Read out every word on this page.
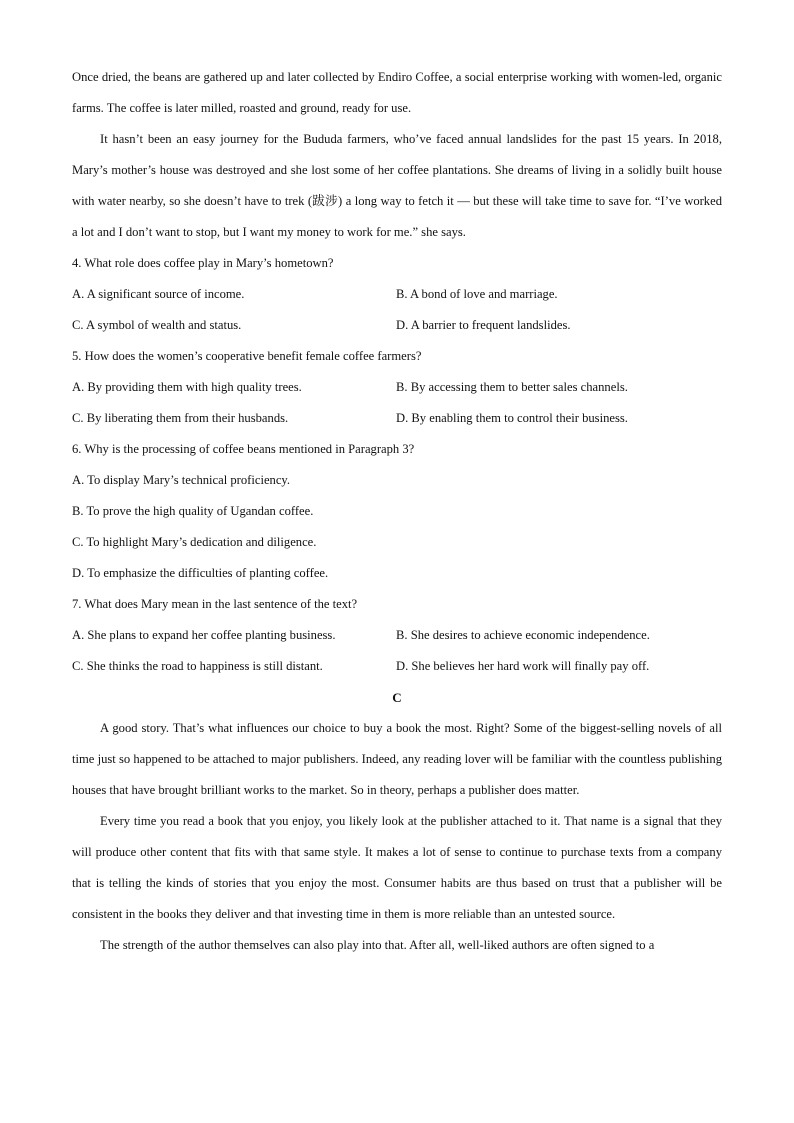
Once dried, the beans are gathered up and later collected by Endiro Coffee, a social enterprise working with women-led, organic farms. The coffee is later milled, roasted and ground, ready for use.
It hasn’t been an easy journey for the Bududa farmers, who’ve faced annual landslides for the past 15 years. In 2018, Mary’s mother’s house was destroyed and she lost some of her coffee plantations. She dreams of living in a solidly built house with water nearby, so she doesn’t have to trek (跋涉) a long way to fetch it — but these will take time to save for. “I’ve worked a lot and I don’t want to stop, but I want my money to work for me.” she says.
4. What role does coffee play in Mary’s hometown?
A. A significant source of income.	B. A bond of love and marriage.
C. A symbol of wealth and status.	D. A barrier to frequent landslides.
5. How does the women’s cooperative benefit female coffee farmers?
A. By providing them with high quality trees.	B. By accessing them to better sales channels.
C. By liberating them from their husbands.	D. By enabling them to control their business.
6. Why is the processing of coffee beans mentioned in Paragraph 3?
A. To display Mary’s technical proficiency.
B. To prove the high quality of Ugandan coffee.
C. To highlight Mary’s dedication and diligence.
D. To emphasize the difficulties of planting coffee.
7. What does Mary mean in the last sentence of the text?
A. She plans to expand her coffee planting business.	B. She desires to achieve economic independence.
C. She thinks the road to happiness is still distant.	D. She believes her hard work will finally pay off.
C
A good story. That’s what influences our choice to buy a book the most. Right? Some of the biggest-selling novels of all time just so happened to be attached to major publishers. Indeed, any reading lover will be familiar with the countless publishing houses that have brought brilliant works to the market. So in theory, perhaps a publisher does matter.
Every time you read a book that you enjoy, you likely look at the publisher attached to it. That name is a signal that they will produce other content that fits with that same style. It makes a lot of sense to continue to purchase texts from a company that is telling the kinds of stories that you enjoy the most. Consumer habits are thus based on trust that a publisher will be consistent in the books they deliver and that investing time in them is more reliable than an untested source.
The strength of the author themselves can also play into that. After all, well-liked authors are often signed to a
